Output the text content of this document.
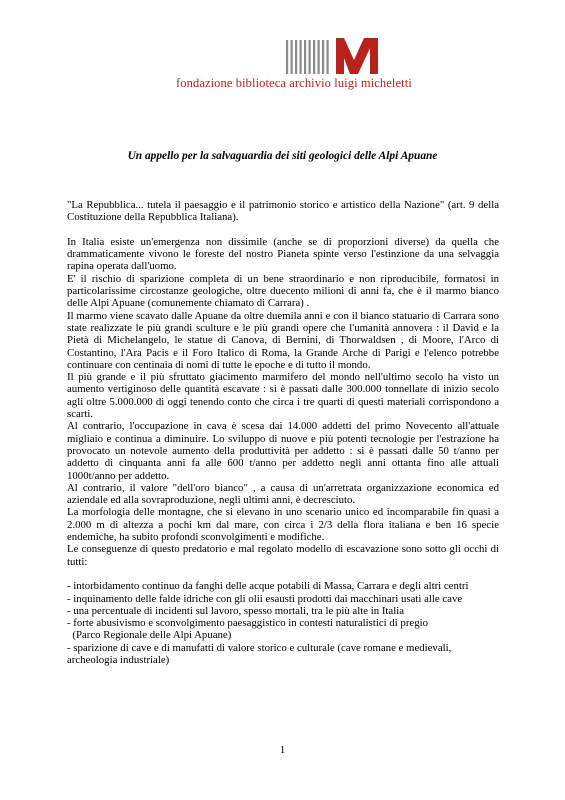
fondazione biblioteca archivio luigi micheletti
Un appello per la salvaguardia dei siti geologici delle Alpi Apuane

"La Repubblica... tutela il paesaggio e il patrimonio storico e artistico della Nazione" (art. 9 della Costituzione della Repubblica Italiana).

In Italia esiste un'emergenza non dissimile (anche se di proporzioni diverse) da quella che drammaticamente vivono le foreste del nostro Pianeta spinte verso l'estinzione da una selvaggia rapina operata dall'uomo.

E' il rischio di sparizione completa di un bene straordinario e non riproducibile, formatosi in particolarissime circostanze geologiche, oltre duecento milioni di anni fa, che è il marmo bianco delle Alpi Apuane (comunemente chiamato di Carrara) .

Il marmo viene scavato dalle Apuane da oltre duemila anni e con il bianco statuario di Carrara sono state realizzate le più grandi sculture e le più grandi opere che l'umanità annovera : il David e la Pietà di Michelangelo, le statue di Canova, di Bernini, di Thorwaldsen , di Moore, l'Arco di Costantino, l'Ara Pacis e il Foro Italico di Roma, la Grande Arche di Parigi e l'elenco potrebbe continuare con centinaia di nomi di tutte le epoche e di tutto il mondo.

Il più grande e il più sfruttato giacimento marmifero del mondo nell'ultimo secolo ha visto un aumento vertiginoso delle quantità escavate : si è passati dalle 300.000 tonnellate di inizio secolo agli oltre 5.000.000 di oggi tenendo conto che circa i tre quarti di questi materiali corrispondono a scarti.

Al contrario, l'occupazione in cava è scesa dai 14.000 addetti del primo Novecento all'attuale migliaio e continua a diminuire. Lo sviluppo di nuove e più potenti tecnologie per l'estrazione ha provocato un notevole aumento della produttività per addetto : si è passati dalle 50 t/anno per addetto di cinquanta anni fa alle 600 t/anno per addetto negli anni ottanta fino alle attuali 1000t/anno per addetto.

Al contrario, il valore "dell'oro bianco" , a causa di un'arretrata organizzazione economica ed aziendale ed alla sovraproduzione, negli ultimi anni, è decresciuto.

La morfologia delle montagne, che si elevano in uno scenario unico ed incomparabile fin quasi a 2.000 m di altezza a pochi km dal mare, con circa i 2/3 della flora italiana e ben 16 specie endemiche, ha subito profondi sconvolgimenti e modifiche.

Le conseguenze di questo predatorio e mal regolato modello di escavazione sono sotto gli occhi di tutti:

- intorbidamento continuo da fanghi delle acque potabili di Massa, Carrara e degli altri centri
- inquinamento delle falde idriche con gli olii esausti prodotti dai macchinari usati alle cave
- una percentuale di incidenti sul lavoro, spesso mortali, tra le più alte in Italia
- forte abusivismo e sconvolgimento paesaggistico in contesti naturalistici di pregio
(Parco Regionale delle Alpi Apuane)
- sparizione di cave e di manufatti di valore storico e culturale (cave romane e medievali, archeologia industriale)
1
